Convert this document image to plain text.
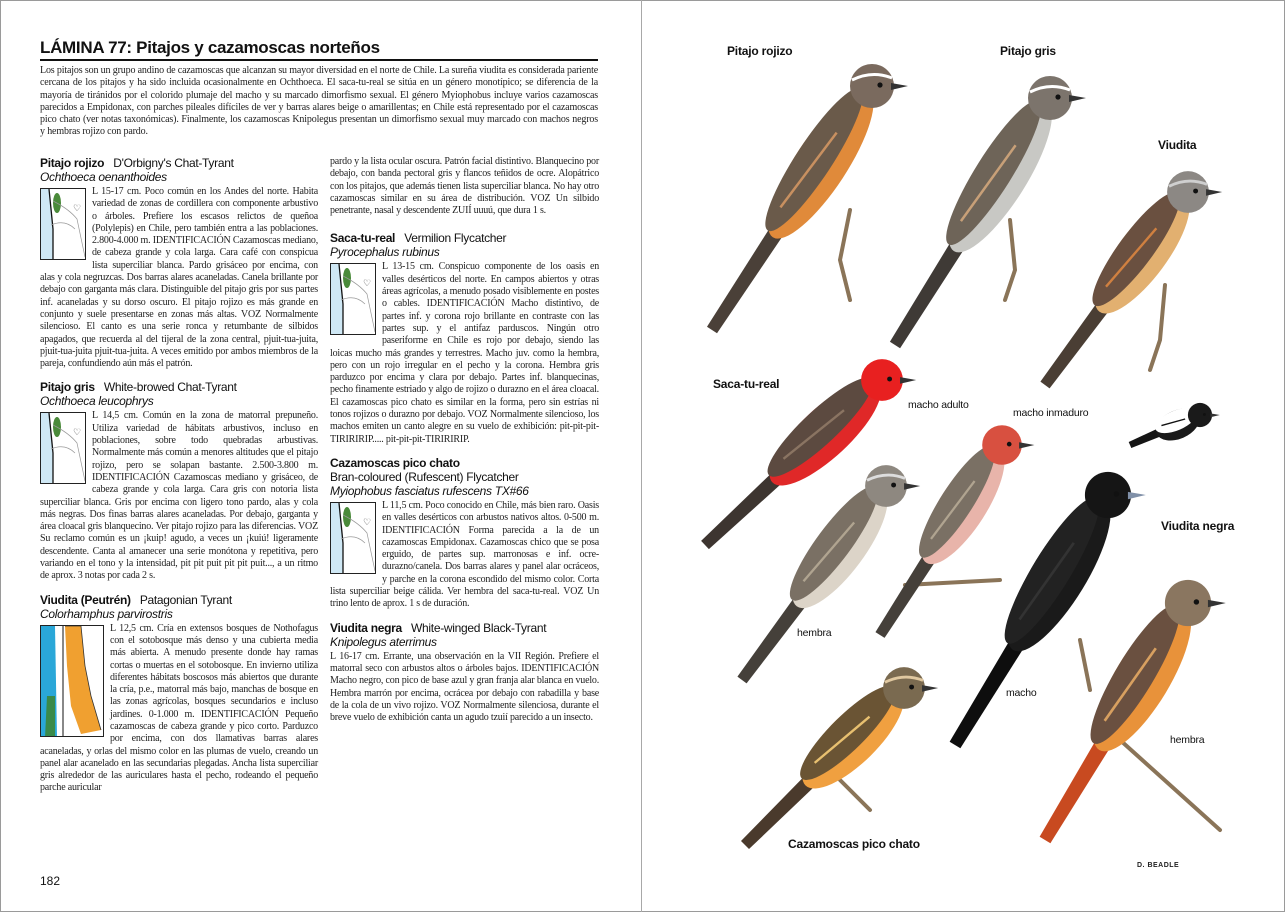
LÁMINA 77: Pitajos y cazamoscas norteños
Los pitajos son un grupo andino de cazamoscas que alcanzan su mayor diversidad en el norte de Chile. La sureña viudita es considerada pariente cercana de los pitajos y ha sido incluida ocasionalmente en Ochthoeca. El saca-tu-real se sitúa en un género monotípico; se diferencia de la mayoría de tiránidos por el colorido plumaje del macho y su marcado dimorfismo sexual. El género Myiophobus incluye varios cazamoscas parecidos a Empidonax, con parches pileales difíciles de ver y barras alares beige o amarillentas; en Chile está representado por el cazamoscas pico chato (ver notas taxonómicas). Finalmente, los cazamoscas Knipolegus presentan un dimorfismo sexual muy marcado con machos negros y hembras rojizo con pardo.
Pitajo rojizo D'Orbigny's Chat-Tyrant
Ochthoeca oenanthoides
♡
L 15-17 cm. Poco común en los Andes del norte. Habita variedad de zonas de cordillera con componente arbustivo o árboles. Prefiere los escasos relictos de queñoa (Polylepis) en Chile, pero también entra a las poblaciones. 2.800-4.000 m. IDENTIFICACIÓN Cazamoscas mediano, de cabeza grande y cola larga. Cara café con conspicua lista superciliar blanca. Pardo grisáceo por encima, con alas y cola negruzcas. Dos barras alares acaneladas. Canela brillante por debajo con garganta más clara. Distinguible del pitajo gris por sus partes inf. acaneladas y su dorso oscuro. El pitajo rojizo es más grande en conjunto y suele presentarse en zonas más altas. VOZ Normalmente silencioso. El canto es una serie ronca y retumbante de silbidos apagados, que recuerda al del tijeral de la zona central, pjuit-tua-juita, pjuit-tua-juita pjuit-tua-juita. A veces emitido por ambos miembros de la pareja, confundiendo aún más el patrón.
Pitajo gris White-browed Chat-Tyrant
Ochthoeca leucophrys
♡
L 14,5 cm. Común en la zona de matorral prepuneño. Utiliza variedad de hábitats arbustivos, incluso en poblaciones, sobre todo quebradas arbustivas. Normalmente más común a menores altitudes que el pitajo rojizo, pero se solapan bastante. 2.500-3.800 m. IDENTIFICACIÓN Cazamoscas mediano y grisáceo, de cabeza grande y cola larga. Cara gris con notoria lista superciliar blanca. Gris por encima con ligero tono pardo, alas y cola más negras. Dos finas barras alares acaneladas. Por debajo, garganta y área cloacal gris blanquecino. Ver pitajo rojizo para las diferencias. VOZ Su reclamo común es un ¡kuip! agudo, a veces un ¡kuiú! ligeramente descendente. Canta al amanecer una serie monótona y repetitiva, pero variando en el tono y la intensidad, pit pit puit pit pit puit..., a un ritmo de aprox. 3 notas por cada 2 s.
Viudita (Peutrén) Patagonian Tyrant
Colorhamphus parvirostris
L 12,5 cm. Cría en extensos bosques de Nothofagus con el sotobosque más denso y una cubierta media más abierta. A menudo presente donde hay ramas cortas o muertas en el sotobosque. En invierno utiliza diferentes hábitats boscosos más abiertos que durante la cría, p.e., matorral más bajo, manchas de bosque en las zonas agrícolas, bosques secundarios e incluso jardines. 0-1.000 m. IDENTIFICACIÓN Pequeño cazamoscas de cabeza grande y pico corto. Parduzco por encima, con dos llamativas barras alares acaneladas, y orlas del mismo color en las plumas de vuelo, creando un panel alar acanelado en las secundarias plegadas. Ancha lista superciliar gris alrededor de las auriculares hasta el pecho, rodeando el pequeño parche auricular
pardo y la lista ocular oscura. Patrón facial distintivo. Blanquecino por debajo, con banda pectoral gris y flancos teñidos de ocre. Alopátrico con los pitajos, que además tienen lista superciliar blanca. No hay otro cazamoscas similar en su área de distribución. VOZ Un silbido penetrante, nasal y descendente ZUIÍ uuuú, que dura 1 s.
Saca-tu-real Vermilion Flycatcher
Pyrocephalus rubinus
♡
L 13-15 cm. Conspicuo componente de los oasis en valles desérticos del norte. En campos abiertos y otras áreas agrícolas, a menudo posado visiblemente en postes o cables. IDENTIFICACIÓN Macho distintivo, de partes inf. y corona rojo brillante en contraste con las partes sup. y el antifaz parduscos. Ningún otro paseriforme en Chile es rojo por debajo, siendo las loicas mucho más grandes y terrestres. Macho juv. como la hembra, pero con un rojo irregular en el pecho y la corona. Hembra gris parduzco por encima y clara por debajo. Partes inf. blanquecinas, pecho finamente estriado y algo de rojizo o durazno en el área cloacal. El cazamoscas pico chato es similar en la forma, pero sin estrías ni tonos rojizos o durazno por debajo. VOZ Normalmente silencioso, los machos emiten un canto alegre en su vuelo de exhibición: pit-pit-pit-TIRIRIRIP..... pit-pit-pit-TIRIRIRIP.
Cazamoscas pico chato
Bran-coloured (Rufescent) Flycatcher
Myiophobus fasciatus rufescens TX#66
♡
L 11,5 cm. Poco conocido en Chile, más bien raro. Oasis en valles desérticos con arbustos nativos altos. 0-500 m. IDENTIFICACIÓN Forma parecida a la de un cazamoscas Empidonax. Cazamoscas chico que se posa erguido, de partes sup. marronosas e inf. ocre-durazno/canela. Dos barras alares y panel alar ocráceos, y parche en la corona escondido del mismo color. Corta lista superciliar beige cálida. Ver hembra del saca-tu-real. VOZ Un trino lento de aprox. 1 s de duración.
Viudita negra White-winged Black-Tyrant
Knipolegus aterrimus
L 16-17 cm. Errante, una observación en la VII Región. Prefiere el matorral seco con arbustos altos o árboles bajos. IDENTIFICACIÓN Macho negro, con pico de base azul y gran franja alar blanca en vuelo. Hembra marrón por encima, ocrácea por debajo con rabadilla y base de la cola de un vivo rojizo. VOZ Normalmente silenciosa, durante el breve vuelo de exhibición canta un agudo tzuií parecido a un insecto.
182
Pitajo rojizo	Pitajo gris
Viudita
Saca-tu-real
macho adulto
macho inmaduro
hembra
Viudita negra
macho
hembra
Cazamoscas pico chato
D. BEADLE
